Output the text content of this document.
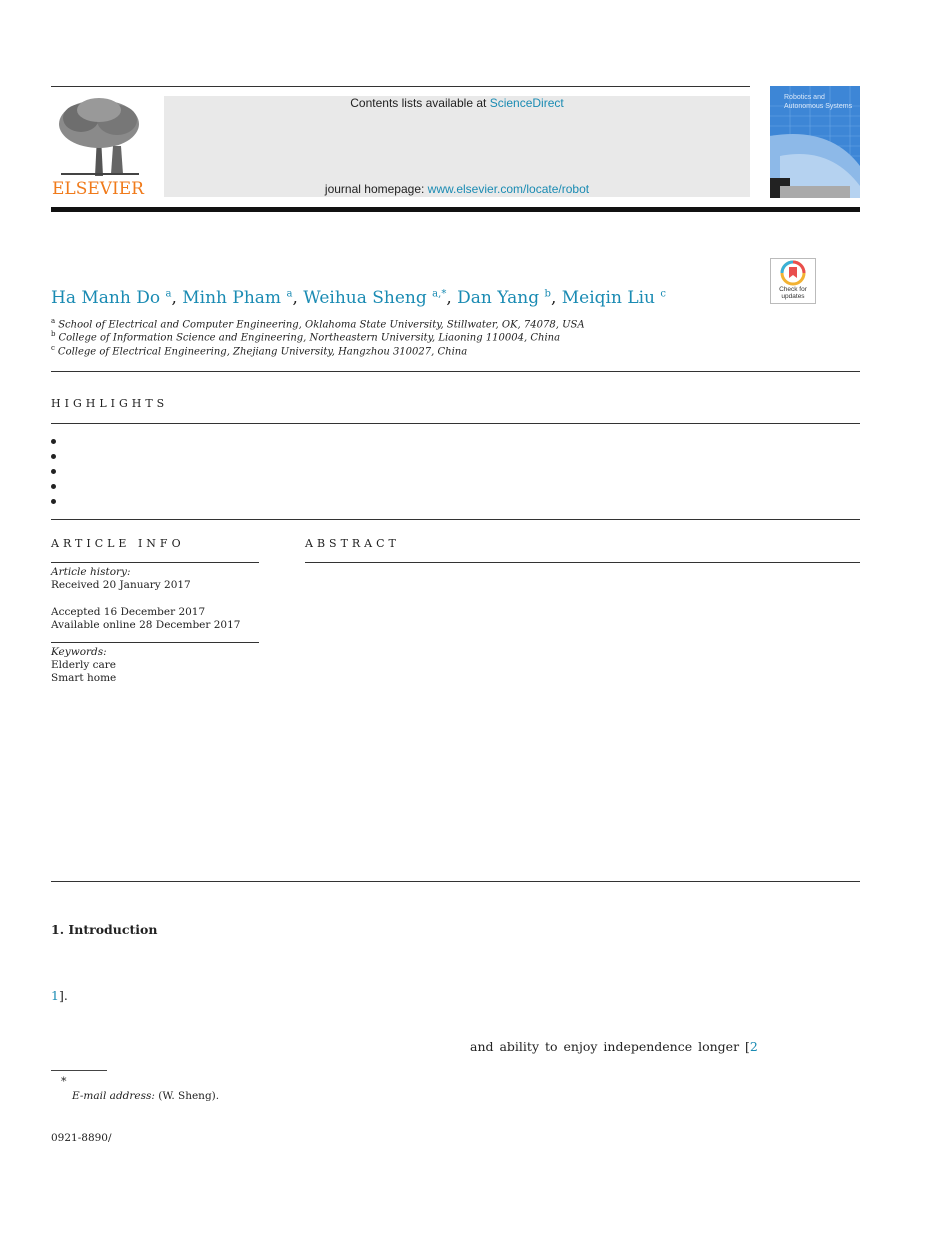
ELSEVIER
Contents lists available at ScienceDirect
journal homepage: www.elsevier.com/locate/robot
Robotics and
Autonomous Systems
Check for
updates
Ha Manh Do $^a$, Minh Pham $^a$, Weihua Sheng $^{a,*}$, Dan Yang $^b$, Meiqin Liu $^c$
$^a$ School of Electrical and Computer Engineering, Oklahoma State University, Stillwater, OK, 74078, USA
$^b$ College of Information Science and Engineering, Northeastern University, Liaoning 110004, China
$^c$ College of Electrical Engineering, Zhejiang University, Hangzhou 310027, China
HIGHLIGHTS
ARTICLE INFO	ABSTRACT
Article history:
Received 20 January 2017
Accepted 16 December 2017
Available online 28 December 2017
Keywords:
Elderly care
Smart home
1. Introduction
1].
and ability to enjoy independence longer [2
*
E-mail address: (W. Sheng).
0921-8890/
